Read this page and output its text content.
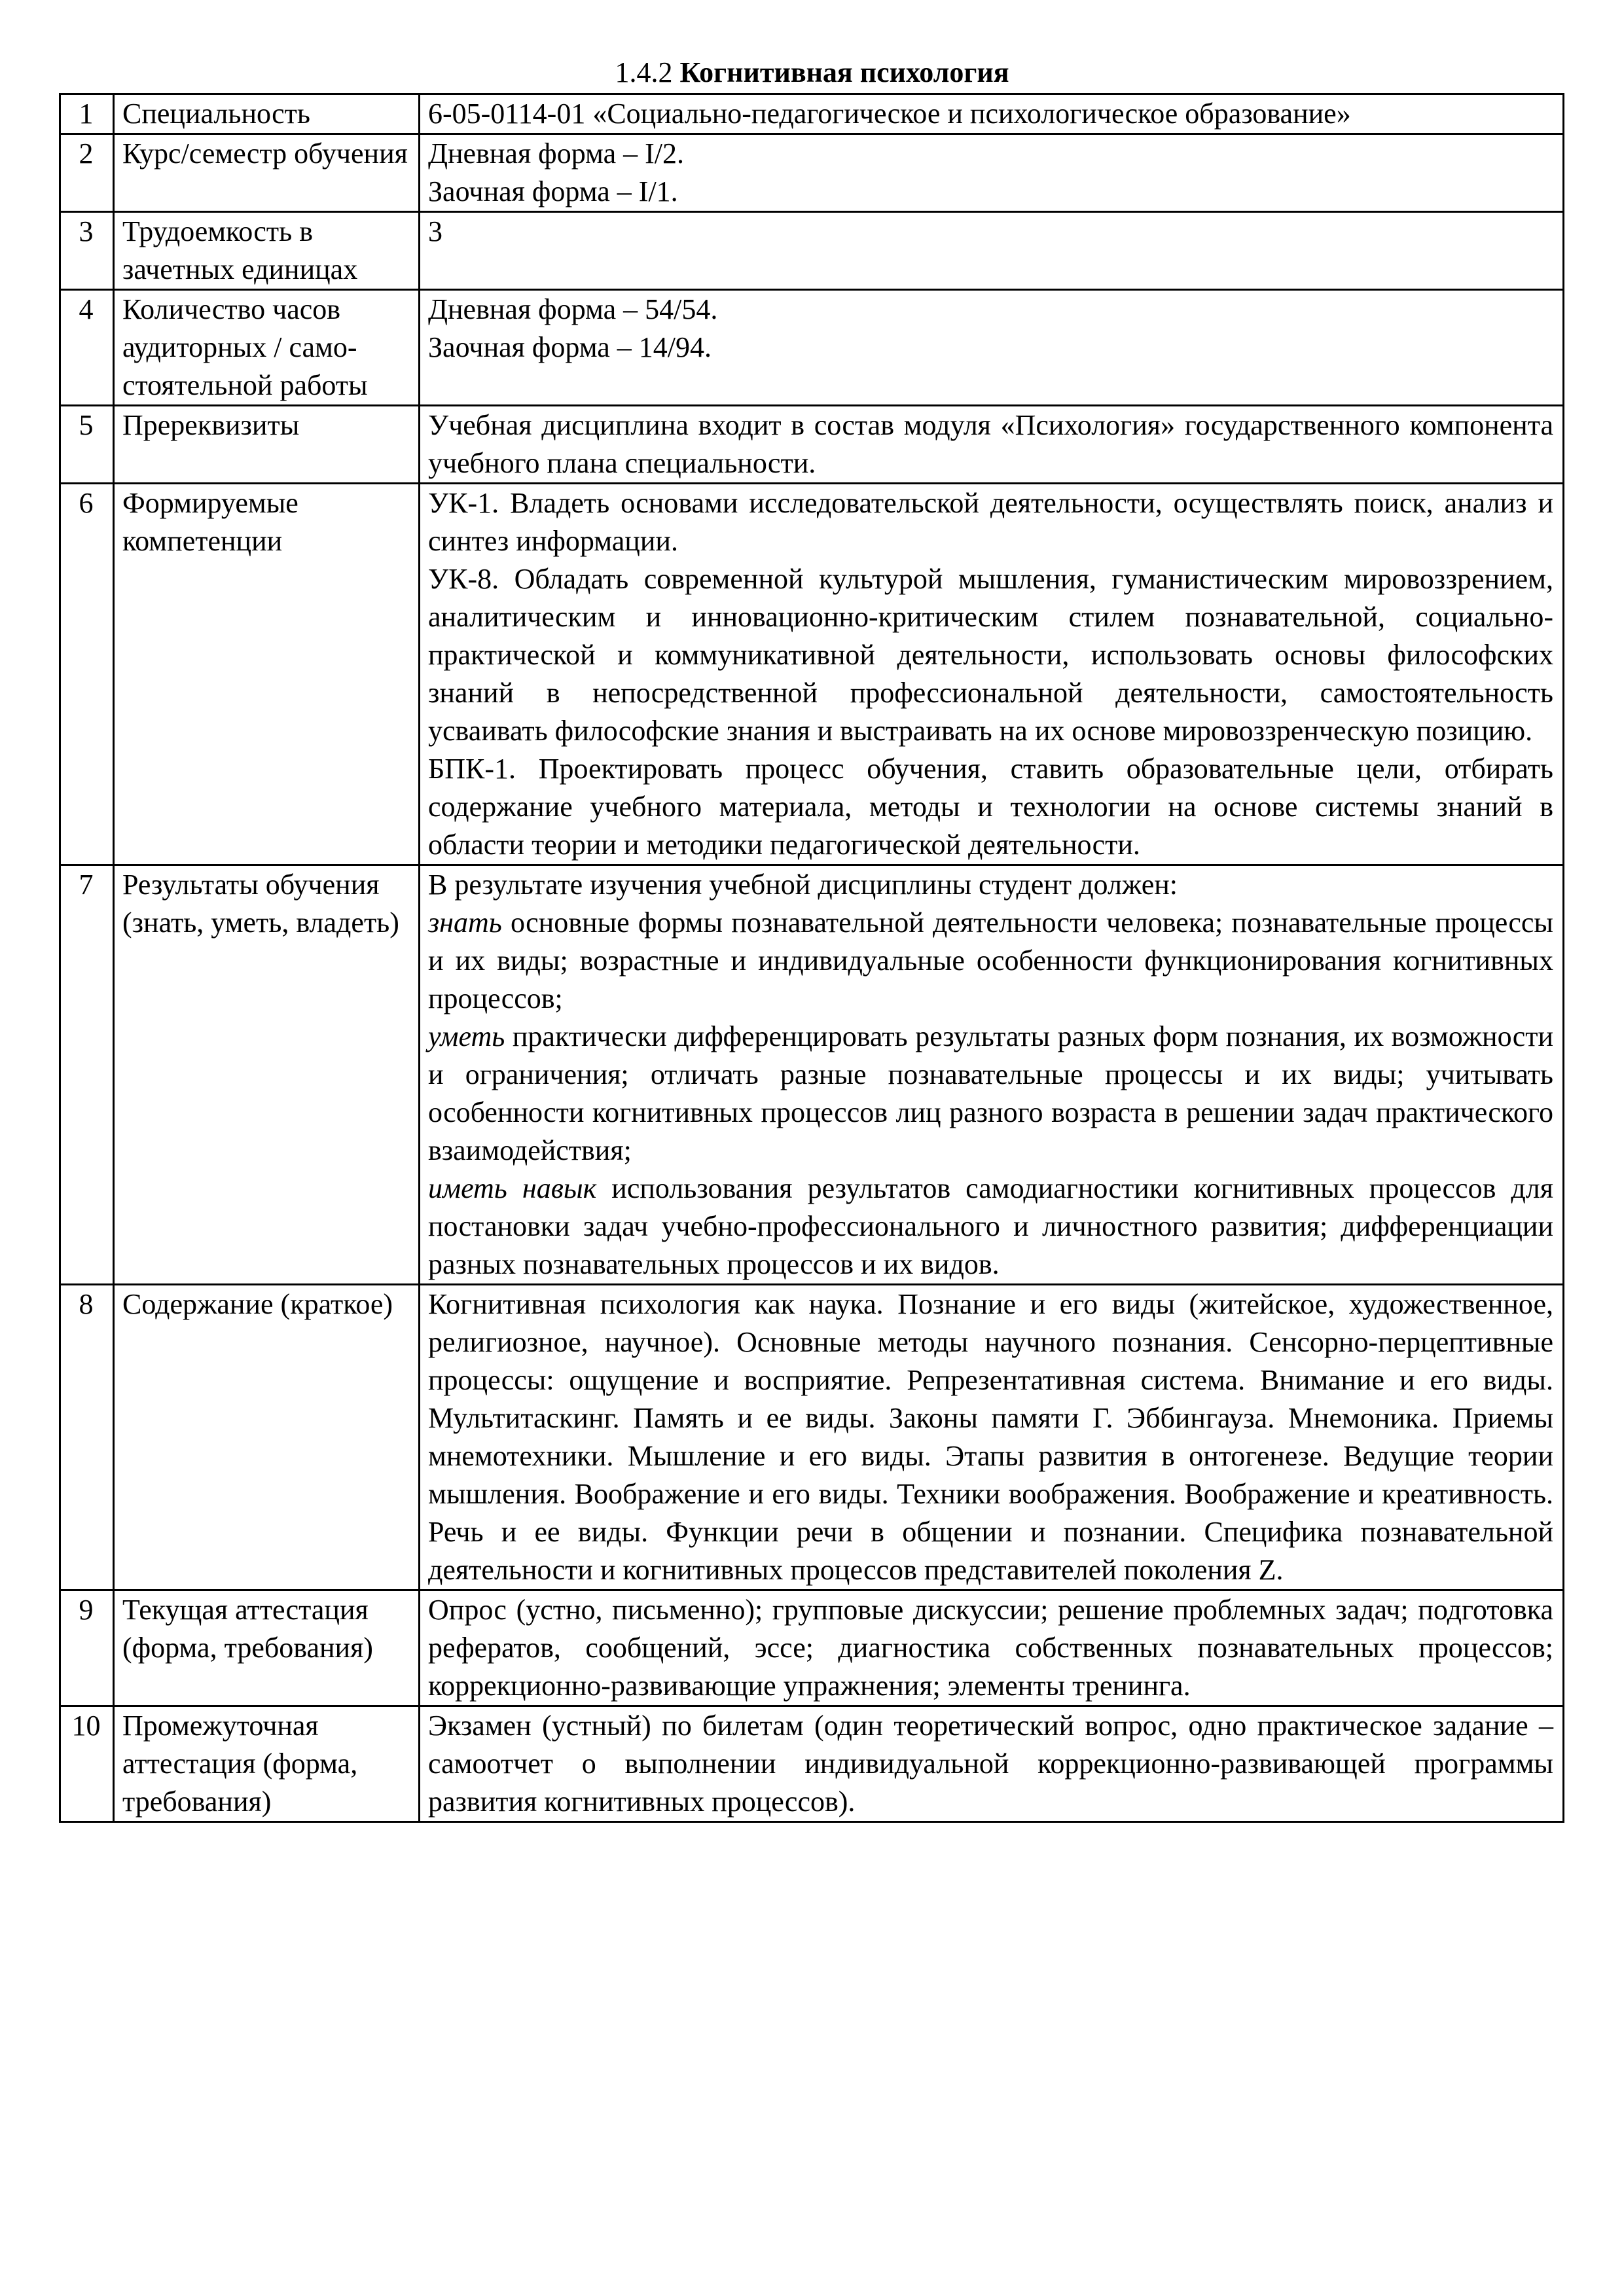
1.4.2 Когнитивная психология
1	Специальность	6-05-0114-01 «Социально-педагогическое и психологическое образование»

2	Курс/семестр обучения	Дневная форма – I/2.

Заочная форма – I/1.

3	Трудоемкость в зачетных единицах	3

4	Количество часов аудиторных / само-стоятельной работы	Дневная форма – 54/54.

Заочная форма – 14/94.

5	Пререквизиты	Учебная дисциплина входит в состав модуля «Психология» государственного компонента учебного плана специальности.

6	Формируемые компетенции	УК-1. Владеть основами исследовательской деятельности, осуществлять поиск, анализ и синтез информации.

УК-8. Обладать современной культурой мышления, гуманистическим мировоззрением, аналитическим и инновационно-критическим стилем познавательной, социально-практической и коммуникативной деятельности, использовать основы философских знаний в непосредственной профессиональной деятельности, самостоятельность усваивать философские знания и выстраивать на их основе мировоззренческую позицию.

БПК-1. Проектировать процесс обучения, ставить образовательные цели, отбирать содержание учебного материала, методы и технологии на основе системы знаний в области теории и методики педагогической деятельности.

7	Результаты обучения (знать, уметь, владеть)	В результате изучения учебной дисциплины студент должен:

знать основные формы познавательной деятельности человека; познавательные процессы и их виды; возрастные и индивидуальные особенности функционирования когнитивных процессов;

уметь практически дифференцировать результаты разных форм познания, их возможности и ограничения; отличать разные познавательные процессы и их виды; учитывать особенности когнитивных процессов лиц разного возраста в решении задач практического взаимодействия;

иметь навык использования результатов самодиагностики когнитивных процессов для постановки задач учебно-профессионального и личностного развития; дифференциации разных познавательных процессов и их видов.

8	Содержание (краткое)	Когнитивная психология как наука. Познание и его виды (житейское, художественное, религиозное, научное). Основные методы научного познания. Сенсорно-перцептивные процессы: ощущение и восприятие. Репрезентативная система. Внимание и его виды. Мультитаскинг. Память и ее виды. Законы памяти Г. Эббингауза. Мнемоника. Приемы мнемотехники. Мышление и его виды. Этапы развития в онтогенезе. Ведущие теории мышления. Воображение и его виды. Техники воображения. Воображение и креативность. Речь и ее виды. Функции речи в общении и познании. Специфика познавательной деятельности и когнитивных процессов представителей поколения Z.

9	Текущая аттестация (форма, требования)	Опрос (устно, письменно); групповые дискуссии; решение проблемных задач; подготовка рефератов, сообщений, эссе; диагностика собственных познавательных процессов; коррекционно-развивающие упражнения; элементы тренинга.

10	Промежуточная аттестация (форма, требования)	Экзамен (устный) по билетам (один теоретический вопрос, одно практическое задание – самоотчет о выполнении индивидуальной коррекционно-развивающей программы развития когнитивных процессов).
